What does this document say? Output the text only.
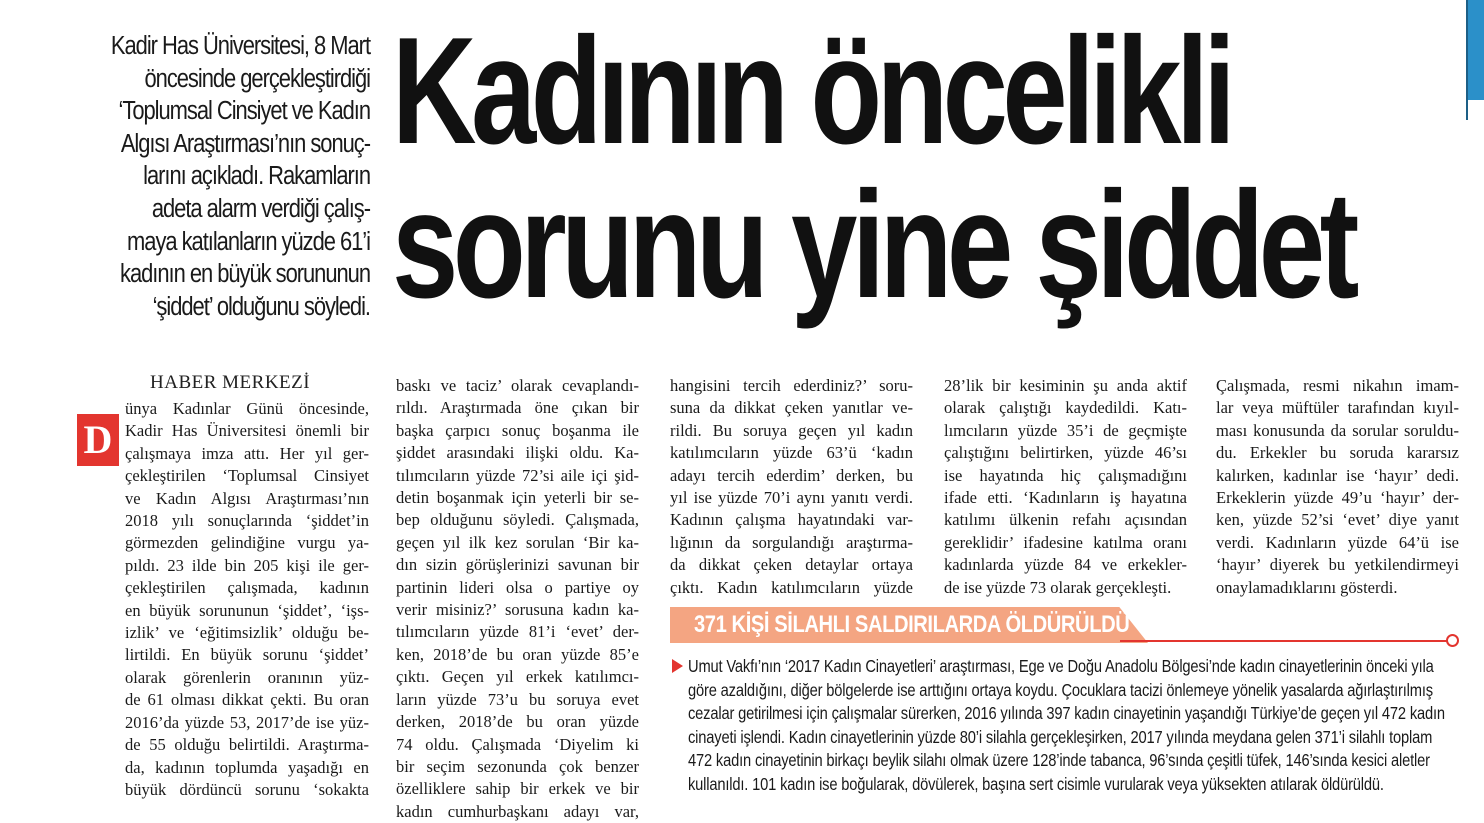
Kadir Has Üniversitesi, 8 Mart
öncesinde gerçekleştirdiği
‘Toplumsal Cinsiyet ve Kadın
Algısı Araştırması’nın sonuç-
larını açıkladı. Rakamların
adeta alarm verdiği çalış-
maya katılanların yüzde 61’i
kadının en büyük sorununun
‘şiddet’ olduğunu söyledi.
Kadının öncelikli
sorunu yine şiddet
HABER MERKEZİ
D
ünya Kadınlar Günü öncesinde,
Kadir Has Üniversitesi önemli bir
çalışmaya imza attı. Her yıl ger-
çekleştirilen ‘Toplumsal Cinsiyet
ve Kadın Algısı Araştırması’nın
2018 yılı sonuçlarında ‘şiddet’in
görmezden gelindiğine vurgu ya-
pıldı. 23 ilde bin 205 kişi ile ger-
çekleştirilen çalışmada, kadının
en büyük sorununun ‘şiddet’, ‘işs-
izlik’ ve ‘eğitimsizlik’ olduğu be-
lirtildi. En büyük sorunu ‘şiddet’
olarak görenlerin oranının yüz-
de 61 olması dikkat çekti. Bu oran
2016’da yüzde 53, 2017’de ise yüz-
de 55 olduğu belirtildi. Araştırma-
da, kadının toplumda yaşadığı en
büyük dördüncü sorunu ‘sokakta
baskı ve taciz’ olarak cevaplandı-
rıldı. Araştırmada öne çıkan bir
başka çarpıcı sonuç boşanma ile
şiddet arasındaki ilişki oldu. Ka-
tılımcıların yüzde 72’si aile içi şid-
detin boşanmak için yeterli bir se-
bep olduğunu söyledi. Çalışmada,
geçen yıl ilk kez sorulan ‘Bir ka-
dın sizin görüşlerinizi savunan bir
partinin lideri olsa o partiye oy
verir misiniz?’ sorusuna kadın ka-
tılımcıların yüzde 81’i ‘evet’ der-
ken, 2018’de bu oran yüzde 85’e
çıktı. Geçen yıl erkek katılımcı-
ların yüzde 73’u bu soruya evet
derken, 2018’de bu oran yüzde
74 oldu. Çalışmada ‘Diyelim ki
bir seçim sezonunda çok benzer
özelliklere sahip bir erkek ve bir
kadın cumhurbaşkanı adayı var,
hangisini tercih ederdiniz?’ soru-
suna da dikkat çeken yanıtlar ve-
rildi. Bu soruya geçen yıl kadın
katılımcıların yüzde 63’ü ‘kadın
adayı tercih ederdim’ derken, bu
yıl ise yüzde 70’i aynı yanıtı verdi.
Kadının çalışma hayatındaki var-
lığının da sorgulandığı araştırma-
da dikkat çeken detaylar ortaya
çıktı. Kadın katılımcıların yüzde
28’lik bir kesiminin şu anda aktif
olarak çalıştığı kaydedildi. Katı-
lımcıların yüzde 35’i de geçmişte
çalıştığını belirtirken, yüzde 46’sı
ise hayatında hiç çalışmadığını
ifade etti. ‘Kadınların iş hayatına
katılımı ülkenin refahı açısından
gereklidir’ ifadesine katılma oranı
kadınlarda yüzde 84 ve erkekler-
de ise yüzde 73 olarak gerçekleşti.
Çalışmada, resmi nikahın imam-
lar veya müftüler tarafından kıyıl-
ması konusunda da sorular soruldu-
du. Erkekler bu soruda kararsız
kalırken, kadınlar ise ‘hayır’ dedi.
Erkeklerin yüzde 49’u ‘hayır’ der-
ken, yüzde 52’si ‘evet’ diye yanıt
verdi. Kadınların yüzde 64’ü ise
‘hayır’ diyerek bu yetkilendirmeyi
onaylamadıklarını gösterdi.
371 KİŞİ SİLAHLI SALDIRILARDA ÖLDÜRÜLDÜ
Umut Vakfı’nın ‘2017 Kadın Cinayetleri’ araştırması, Ege ve Doğu Anadolu Bölgesi’nde kadın cinayetlerinin önceki yıla
göre azaldığını, diğer bölgelerde ise arttığını ortaya koydu. Çocuklara tacizi önlemeye yönelik yasalarda ağırlaştırılmış
cezalar getirilmesi için çalışmalar sürerken, 2016 yılında 397 kadın cinayetinin yaşandığı Türkiye’de geçen yıl 472 kadın
cinayeti işlendi. Kadın cinayetlerinin yüzde 80’i silahla gerçekleşirken, 2017 yılında meydana gelen 371’i silahlı toplam
472 kadın cinayetinin birkaçı beylik silahı olmak üzere 128’inde tabanca, 96’sında çeşitli tüfek, 146’sında kesici aletler
kullanıldı. 101 kadın ise boğularak, dövülerek, başına sert cisimle vurularak veya yüksekten atılarak öldürüldü.
